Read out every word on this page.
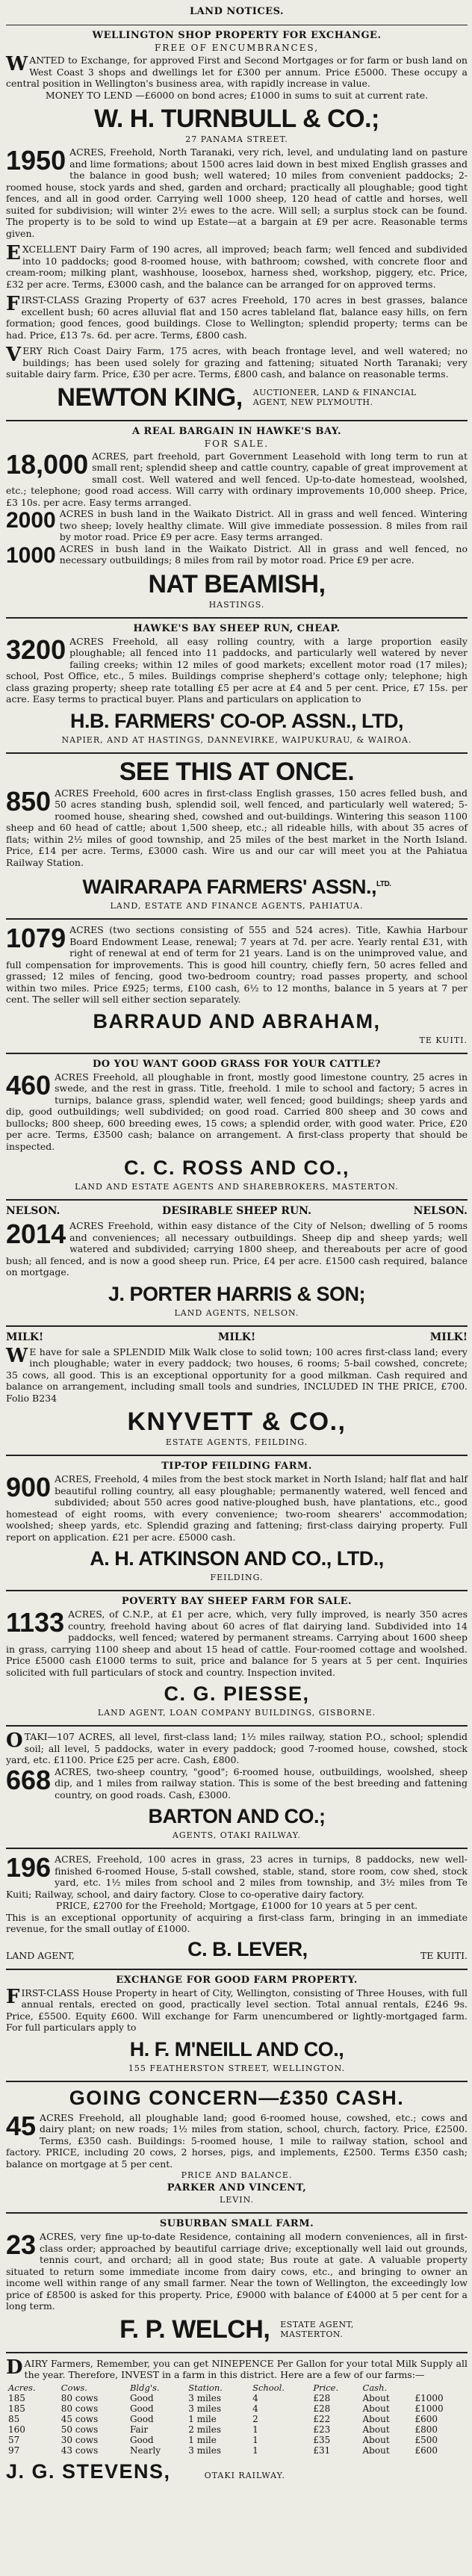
LAND NOTICES.
WELLINGTON SHOP PROPERTY FOR EXCHANGE.
FREE OF ENCUMBRANCES,

WANTED to Exchange, for approved First and Second Mortgages or for farm or bush land on West Coast 3 shops and dwellings let for £300 per annum. Price £5000. These occupy a central position in Wellington's business area, with rapidly increase in value.

MONEY TO LEND —£6000 on bond acres; £1000 in sums to suit at current rate.

W. H. TURNBULL & CO.;
27 PANAMA STREET.

1950 ACRES, Freehold, North Taranaki, very rich, level, and undulating land on pasture and lime formations; about 1500 acres laid down in best mixed English grasses and the balance in good bush; well watered; 10 miles from convenient paddocks; 2-roomed house, stock yards and shed, garden and orchard; practically all ploughable; good tight fences, and all in good order. Carrying well 1000 sheep, 120 head of cattle and horses, well suited for subdivision; will winter 2½ ewes to the acre. Will sell; a surplus stock can be found. The property is to be sold to wind up Estate—at a bargain at £9 per acre. Reasonable terms given.

EXCELLENT Dairy Farm of 190 acres, all improved; beach farm; well fenced and subdivided into 10 paddocks; good 8-roomed house, with bathroom; cowshed, with concrete floor and cream-room; milking plant, washhouse, loosebox, harness shed, workshop, piggery, etc. Price, £32 per acre. Terms, £3000 cash, and the balance can be arranged for on approved terms.

FIRST-CLASS Grazing Property of 637 acres Freehold, 170 acres in best grasses, balance excellent bush; 60 acres alluvial flat and 150 acres tableland flat, balance easy hills, on fern formation; good fences, good buildings. Close to Wellington; splendid property; terms can be had. Price, £13 7s. 6d. per acre. Terms, £800 cash.

VERY Rich Coast Dairy Farm, 175 acres, with beach frontage level, and well watered; no buildings; has been used solely for grazing and fattening; situated North Taranaki; very suitable dairy farm. Price, £30 per acre. Terms, £800 cash, and balance on reasonable terms.

NEWTON KING, AUCTIONEER, LAND & FINANCIAL
AGENT, NEW PLYMOUTH.
A REAL BARGAIN IN HAWKE'S BAY.
FOR SALE.

18,000 ACRES, part freehold, part Government Leasehold with long term to run at small rent; splendid sheep and cattle country, capable of great improvement at small cost. Well watered and well fenced. Up-to-date homestead, woolshed, etc.; telephone; good road access. Will carry with ordinary improvements 10,000 sheep. Price, £3 10s. per acre. Easy terms arranged.

2000 ACRES in bush land in the Waikato District. All in grass and well fenced. Wintering two sheep; lovely healthy climate. Will give immediate possession. 8 miles from rail by motor road. Price £9 per acre. Easy terms arranged.

1000 ACRES in bush land in the Waikato District. All in grass and well fenced, no necessary outbuildings; 8 miles from rail by motor road. Price £9 per acre.

NAT BEAMISH,
HASTINGS.
HAWKE'S BAY SHEEP RUN, CHEAP.

3200 ACRES Freehold, all easy rolling country, with a large proportion easily ploughable; all fenced into 11 paddocks, and particularly well watered by never failing creeks; within 12 miles of good markets; excellent motor road (17 miles); school, Post Office, etc., 5 miles. Buildings comprise shepherd's cottage only; telephone; high class grazing property; sheep rate totalling £5 per acre at £4 and 5 per cent. Price, £7 15s. per acre. Easy terms to practical buyer. Plans and particulars on application to

H.B. FARMERS' CO-OP. ASSN., LTD,
NAPIER, AND AT HASTINGS, DANNEVIRKE, WAIPUKURAU, & WAIROA.
SEE THIS AT ONCE.

850 ACRES Freehold, 600 acres in first-class English grasses, 150 acres felled bush, and 50 acres standing bush, splendid soil, well fenced, and particularly well watered; 5-roomed house, shearing shed, cowshed and out-buildings. Wintering this season 1100 sheep and 60 head of cattle; about 1,500 sheep, etc.; all rideable hills, with about 35 acres of flats; within 2½ miles of good township, and 25 miles of the best market in the North Island. Price, £14 per acre. Terms, £3000 cash. Wire us and our car will meet you at the Pahiatua Railway Station.

WAIRARAPA FARMERS' ASSN.,$^{LTD.}$
LAND, ESTATE AND FINANCE AGENTS, PAHIATUA.

1079 ACRES (two sections consisting of 555 and 524 acres). Title, Kawhia Harbour Board Endowment Lease, renewal; 7 years at 7d. per acre. Yearly rental £31, with right of renewal at end of term for 21 years. Land is on the unimproved value, and full compensation for improvements. This is good hill country, chiefly fern, 50 acres felled and grassed; 12 miles of fencing, good two-bedroom country; road passes property, and school within two miles. Price £925; terms, £100 cash, 6½ to 12 months, balance in 5 years at 7 per cent. The seller will sell either section separately.

BARRAUD AND ABRAHAM,
TE KUITI.
DO YOU WANT GOOD GRASS FOR YOUR CATTLE?

460 ACRES Freehold, all ploughable in front, mostly good limestone country, 25 acres in swede, and the rest in grass. Title, freehold. 1 mile to school and factory; 5 acres in turnips, balance grass, splendid water, well fenced; good buildings; sheep yards and dip, good outbuildings; well subdivided; on good road. Carried 800 sheep and 30 cows and bullocks; 800 sheep, 600 breeding ewes, 15 cows; a splendid order, with good water. Price, £20 per acre. Terms, £3500 cash; balance on arrangement. A first-class property that should be inspected.

C. C. ROSS AND CO.,
LAND AND ESTATE AGENTS AND SHAREBROKERS, MASTERTON.
NELSON.	DESIRABLE SHEEP RUN.	NELSON.

2014 ACRES Freehold, within easy distance of the City of Nelson; dwelling of 5 rooms and conveniences; all necessary outbuildings. Sheep dip and sheep yards; well watered and subdivided; carrying 1800 sheep, and thereabouts per acre of good bush; all fenced, and is now a good sheep run. Price, £4 per acre. £1500 cash required, balance on mortgage.

J. PORTER HARRIS & SON;
LAND AGENTS, NELSON.
MILK!	MILK!	MILK!

W E have for sale a SPLENDID Milk Walk close to solid town; 100 acres first-class land; every inch ploughable; water in every paddock; two houses, 6 rooms; 5-bail cowshed, concrete; 35 cows, all good. This is an exceptional opportunity for a good milkman. Cash required and balance on arrangement, including small tools and sundries, INCLUDED IN THE PRICE, £700. Folio B234

KNYVETT & CO.,
ESTATE AGENTS, FEILDING.
TIP-TOP FEILDING FARM.

900 ACRES, Freehold, 4 miles from the best stock market in North Island; half flat and half beautiful rolling country, all easy ploughable; permanently watered, well fenced and subdivided; about 550 acres good native-ploughed bush, have plantations, etc., good homestead of eight rooms, with every convenience; two-room shearers' accommodation; woolshed; sheep yards, etc. Splendid grazing and fattening; first-class dairying property. Full report on application. £21 per acre. £5000 cash.

A. H. ATKINSON AND CO., LTD.,
FEILDING.
POVERTY BAY SHEEP FARM FOR SALE.

1133 ACRES, of C.N.P., at £1 per acre, which, very fully improved, is nearly 350 acres country, freehold having about 60 acres of flat dairying land. Subdivided into 14 paddocks, well fenced; watered by permanent streams. Carrying about 1600 sheep in grass, carrying 1100 sheep and about 15 head of cattle. Four-roomed cottage and woolshed. Price £5000 cash £1000 terms to suit, price and balance for 5 years at 5 per cent. Inquiries solicited with full particulars of stock and country. Inspection invited.

C. G. PIESSE,
LAND AGENT, LOAN COMPANY BUILDINGS, GISBORNE.

OTAKI—107 ACRES, all level, first-class land; 1½ miles railway, station P.O., school; splendid soil; all level, 5 paddocks, water in every paddock; good 7-roomed house, cowshed, stock yard, etc. £1100. Price £25 per acre. Cash, £800.

668 ACRES, two-sheep country, "good"; 6-roomed house, outbuildings, woolshed, sheep dip, and 1 miles from railway station. This is some of the best breeding and fattening country, on good roads. Cash, £3000.

BARTON AND CO.;
AGENTS, OTAKI RAILWAY.

196 ACRES, Freehold, 100 acres in grass, 23 acres in turnips, 8 paddocks, new well-finished 6-roomed House, 5-stall cowshed, stable, stand, store room, cow shed, stock yard, etc. 1½ miles from school and 2 miles from township, and 3½ miles from Te Kuiti; Railway, school, and dairy factory. Close to co-operative dairy factory.

PRICE, £2700 for the Freehold; Mortgage, £1000 for 10 years at 5 per cent.

This is an exceptional opportunity of acquiring a first-class farm, bringing in an immediate revenue, for the small outlay of £1000.

LAND AGENT,	C. B. LEVER,	TE KUITI.
EXCHANGE FOR GOOD FARM PROPERTY.

FIRST-CLASS House Property in heart of City, Wellington, consisting of Three Houses, with full annual rentals, erected on good, practically level section. Total annual rentals, £246 9s. Price, £5500. Equity £600. Will exchange for Farm unencumbered or lightly-mortgaged farm. For full particulars apply to

H. F. M'NEILL AND CO.,
155 FEATHERSTON STREET, WELLINGTON.
GOING CONCERN—£350 CASH.

45 ACRES Freehold, all ploughable land; good 6-roomed house, cowshed, etc.; cows and dairy plant; on new roads; 1½ miles from station, school, church, factory. Price, £2500. Terms, £350 cash. Buildings: 5-roomed house, 1 mile to railway station, school and factory. PRICE, including 20 cows, 2 horses, pigs, and implements, £2500. Terms £350 cash; balance on mortgage at 5 per cent.

PRICE AND BALANCE.
PARKER AND VINCENT,
LEVIN.
SUBURBAN SMALL FARM.

23 ACRES, very fine up-to-date Residence, containing all modern conveniences, all in first-class order; approached by beautiful carriage drive; exceptionally well laid out grounds, tennis court, and orchard; all in good state; Bus route at gate. A valuable property situated to return some immediate income from dairy cows, etc., and bringing to owner an income well within range of any small farmer. Near the town of Wellington, the exceedingly low price of £8500 is asked for this property. Price, £9000 with balance of £4000 at 5 per cent for a long term.

F. P. WELCH, ESTATE AGENT,
MASTERTON.

DAIRY Farmers, Remember, you can get NINEPENCE Per Gallon for your total Milk Supply all the year. Therefore, INVEST in a farm in this district. Here are a few of our farms:—

Acres.	Cows.	Bldg's.	Station.	School.	Price.	Cash.	
185	80 cows	Good	3 miles	4	£28	About	£1000
185	80 cows	Good	3 miles	4	£28	About	£1000
85	45 cows	Good	1 mile	2	£22	About	£600
160	50 cows	Fair	2 miles	1	£23	About	£800
57	30 cows	Good	1 mile	1	£35	About	£500
97	43 cows	Nearly	3 miles	1	£31	About	£600
J. G. STEVENS,	OTAKI RAILWAY.
